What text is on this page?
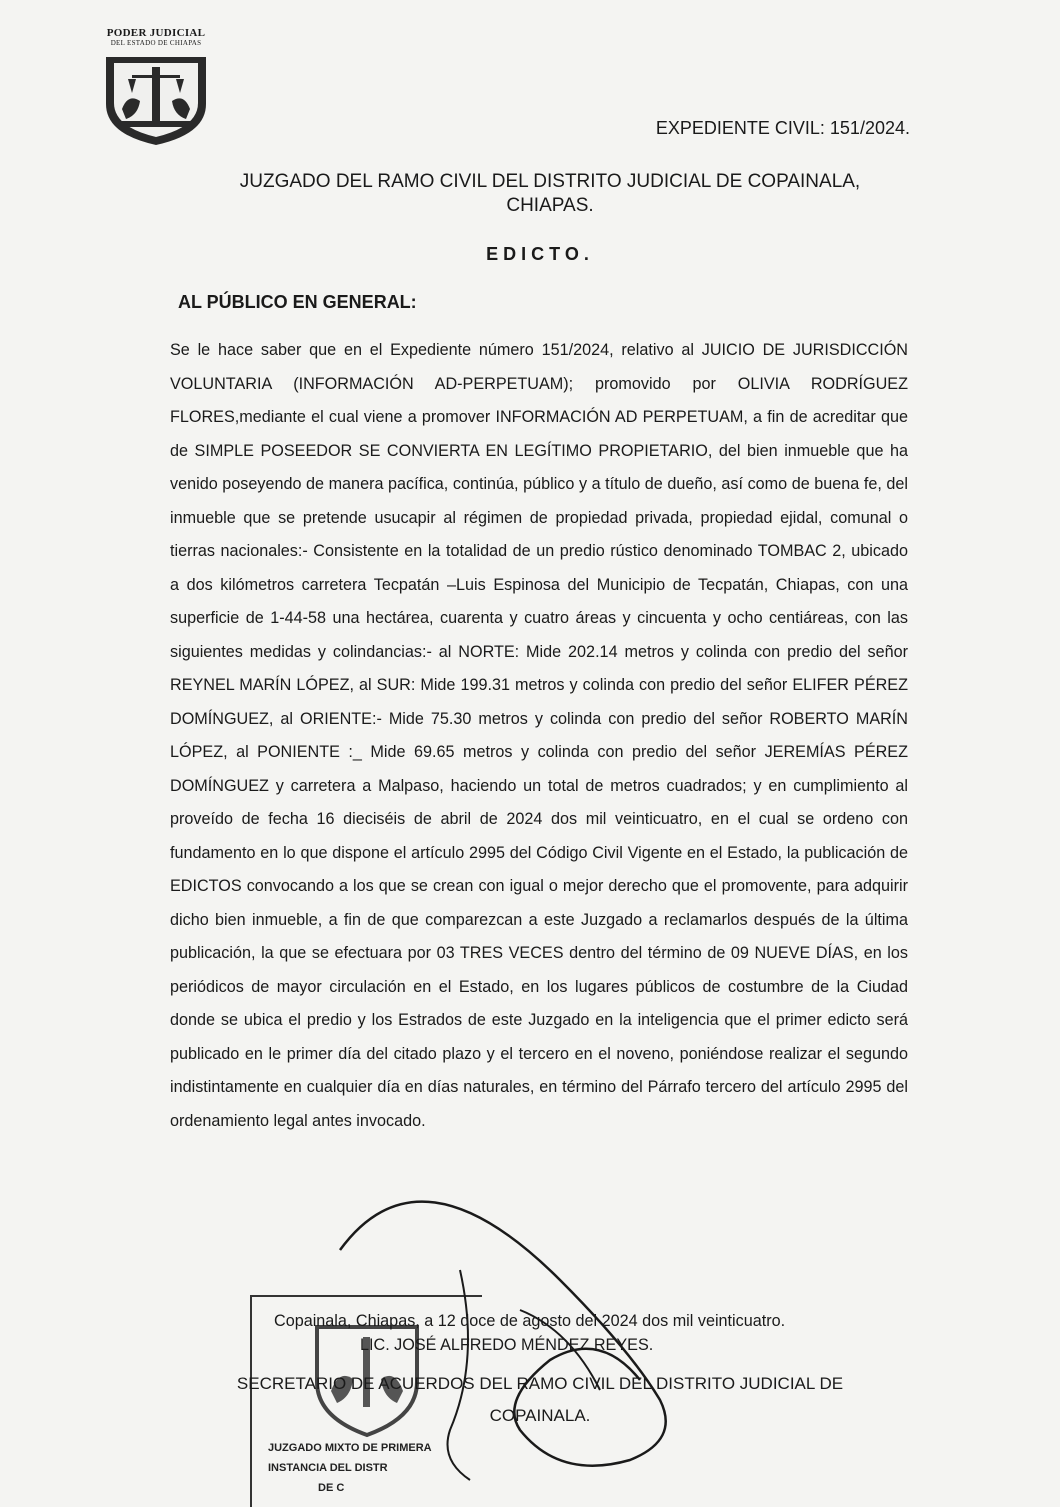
PODER JUDICIAL
DEL ESTADO DE CHIAPAS
EXPEDIENTE CIVIL: 151/2024.
JUZGADO DEL RAMO CIVIL DEL DISTRITO JUDICIAL DE COPAINALA,
CHIAPAS.
EDICTO.
AL PÚBLICO EN GENERAL:
Se le hace saber que en el Expediente número 151/2024, relativo al JUICIO DE JURISDICCIÓN VOLUNTARIA (INFORMACIÓN AD-PERPETUAM); promovido por OLIVIA RODRÍGUEZ FLORES,mediante el cual viene a promover INFORMACIÓN AD PERPETUAM, a fin de acreditar que de SIMPLE POSEEDOR SE CONVIERTA EN LEGÍTIMO PROPIETARIO, del bien inmueble que ha venido poseyendo de manera pacífica, continúa, público y a título de dueño, así como de buena fe, del inmueble que se pretende usucapir al régimen de propiedad privada, propiedad ejidal, comunal o tierras nacionales:- Consistente en la totalidad de un predio rústico denominado TOMBAC 2, ubicado a dos kilómetros carretera Tecpatán –Luis Espinosa del Municipio de Tecpatán, Chiapas, con una superficie de 1-44-58 una hectárea, cuarenta y cuatro áreas y cincuenta y ocho centiáreas, con las siguientes medidas y colindancias:- al NORTE: Mide 202.14 metros y colinda con predio del señor REYNEL MARÍN LÓPEZ, al SUR: Mide 199.31 metros y colinda con predio del señor ELIFER PÉREZ DOMÍNGUEZ, al ORIENTE:- Mide 75.30 metros y colinda con predio del señor ROBERTO MARÍN LÓPEZ, al PONIENTE :_ Mide 69.65 metros y colinda con predio del señor JEREMÍAS PÉREZ DOMÍNGUEZ y carretera a Malpaso, haciendo un total de metros cuadrados; y en cumplimiento al proveído de fecha 16 dieciséis de abril de 2024 dos mil veinticuatro, en el cual se ordeno con fundamento en lo que dispone el artículo 2995 del Código Civil Vigente en el Estado, la publicación de EDICTOS convocando a los que se crean con igual o mejor derecho que el promovente, para adquirir dicho bien inmueble, a fin de que comparezcan a este Juzgado a reclamarlos después de la última publicación, la que se efectuara por 03 TRES VECES dentro del término de 09 NUEVE DÍAS, en los periódicos de mayor circulación en el Estado, en los lugares públicos de costumbre de la Ciudad donde se ubica el predio y los Estrados de este Juzgado en la inteligencia que el primer edicto será publicado en le primer día del citado plazo y el tercero en el noveno, poniéndose realizar el segundo indistintamente en cualquier día en días naturales, en término del Párrafo tercero del artículo 2995 del ordenamiento legal antes invocado.
JUZGADO MIXTO DE PRIMERA
INSTANCIA DEL DISTR
DE C
Copainala, Chiapas, a 12 doce de agosto del 2024 dos mil veinticuatro.
LIC. JOSÉ ALFREDO MÉNDEZ REYES.
SECRETARIO DE ACUERDOS DEL RAMO CIVIL DEL DISTRITO JUDICIAL DE
COPAINALA.
